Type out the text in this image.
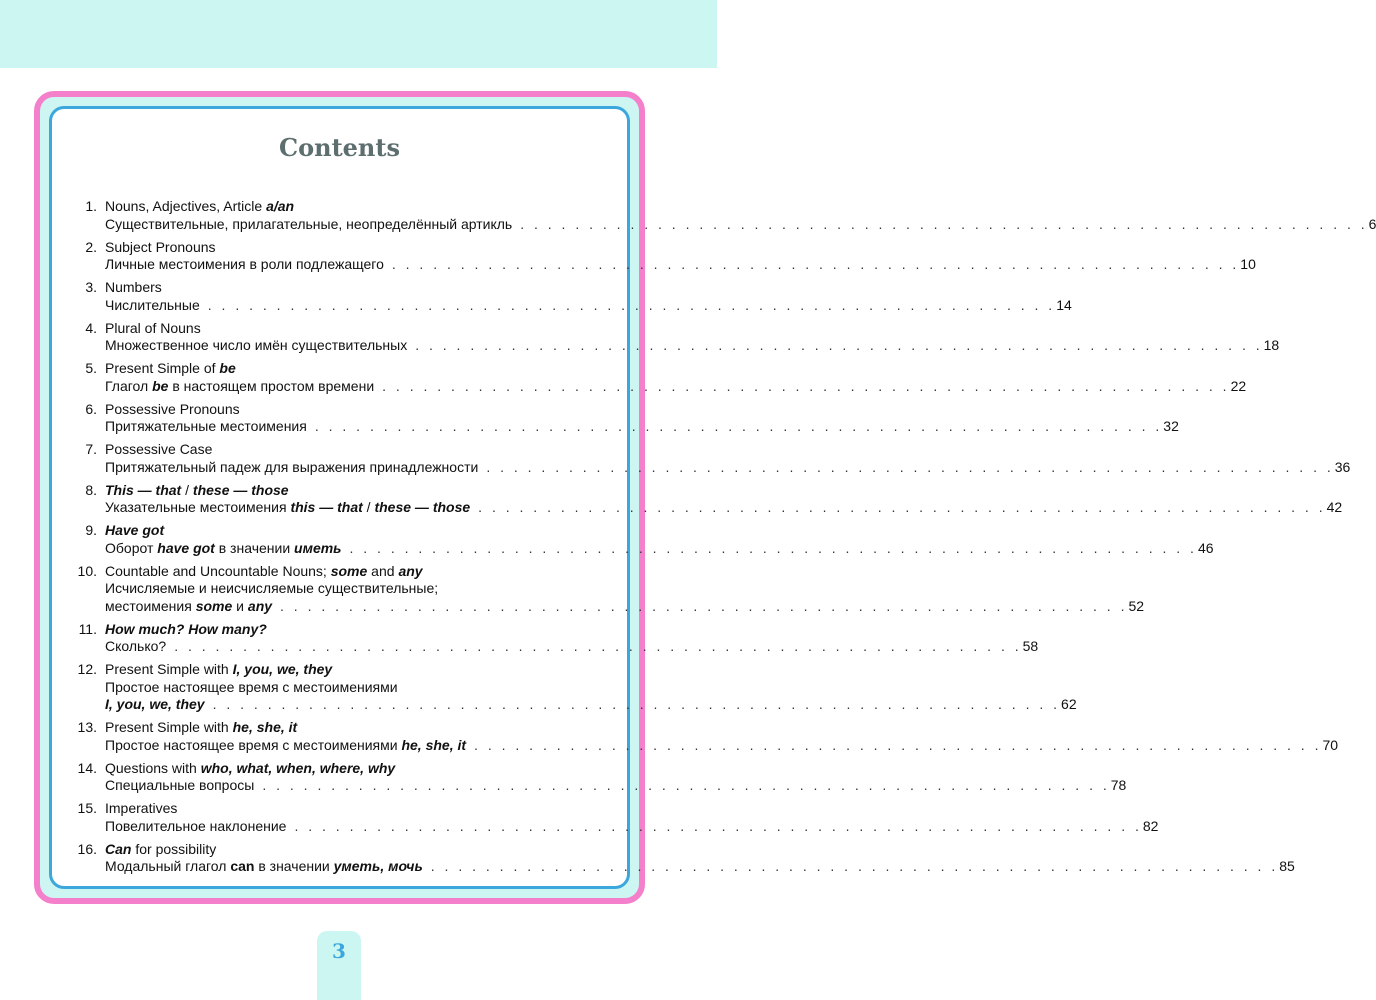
Contents
1. Nouns, Adjectives, Article a/an
Существительные, прилагательные, неопределённый артикль . . . . . . . . . . . . . . . . . . . . . . . . . . . . . . . . . . . . . . . . . . . . . . . . . . . . . . . . . . . . . . 6
2. Subject Pronouns
Личные местоимения в роли подлежащего . . . . . . . . . . . . . . . . . . . . . . . . . . . . . . . . . . . . . . . . . . . . . . . . . . . . . . . . . . . . . . 10
3. Numbers
Числительные . . . . . . . . . . . . . . . . . . . . . . . . . . . . . . . . . . . . . . . . . . . . . . . . . . . . . . . . . . . . . . 14
4. Plural of Nouns
Множественное число имён существительных . . . . . . . . . . . . . . . . . . . . . . . . . . . . . . . . . . . . . . . . . . . . . . . . . . . . . . . . . . . . . . 18
5. Present Simple of be
Глагол be в настоящем простом времени . . . . . . . . . . . . . . . . . . . . . . . . . . . . . . . . . . . . . . . . . . . . . . . . . . . . . . . . . . . . . . 22
6. Possessive Pronouns
Притяжательные местоимения . . . . . . . . . . . . . . . . . . . . . . . . . . . . . . . . . . . . . . . . . . . . . . . . . . . . . . . . . . . . . . 32
7. Possessive Case
Притяжательный падеж для выражения принадлежности . . . . . . . . . . . . . . . . . . . . . . . . . . . . . . . . . . . . . . . . . . . . . . . . . . . . . . . . . . . . . . 36
8. This — that / these — those
Указательные местоимения this — that / these — those . . . . . . . . . . . . . . . . . . . . . . . . . . . . . . . . . . . . . . . . . . . . . . . . . . . . . . . . . . . . . . 42
9. Have got
Оборот have got в значении иметь . . . . . . . . . . . . . . . . . . . . . . . . . . . . . . . . . . . . . . . . . . . . . . . . . . . . . . . . . . . . . . 46
10. Countable and Uncountable Nouns; some and any
Исчисляемые и неисчисляемые существительные;
местоимения some и any . . . . . . . . . . . . . . . . . . . . . . . . . . . . . . . . . . . . . . . . . . . . . . . . . . . . . . . . . . . . . . 52
11. How much? How many?
Сколько? . . . . . . . . . . . . . . . . . . . . . . . . . . . . . . . . . . . . . . . . . . . . . . . . . . . . . . . . . . . . . . 58
12. Present Simple with I, you, we, they
Простое настоящее время с местоимениями
I, you, we, they . . . . . . . . . . . . . . . . . . . . . . . . . . . . . . . . . . . . . . . . . . . . . . . . . . . . . . . . . . . . . . 62
13. Present Simple with he, she, it
Простое настоящее время с местоимениями he, she, it . . . . . . . . . . . . . . . . . . . . . . . . . . . . . . . . . . . . . . . . . . . . . . . . . . . . . . . . . . . . . . 70
14. Questions with who, what, when, where, why
Специальные вопросы . . . . . . . . . . . . . . . . . . . . . . . . . . . . . . . . . . . . . . . . . . . . . . . . . . . . . . . . . . . . . . 78
15. Imperatives
Повелительное наклонение . . . . . . . . . . . . . . . . . . . . . . . . . . . . . . . . . . . . . . . . . . . . . . . . . . . . . . . . . . . . . . 82
16. Can for possibility
Модальный глагол can в значении уметь, мочь . . . . . . . . . . . . . . . . . . . . . . . . . . . . . . . . . . . . . . . . . . . . . . . . . . . . . . . . . . . . . . 85
3
